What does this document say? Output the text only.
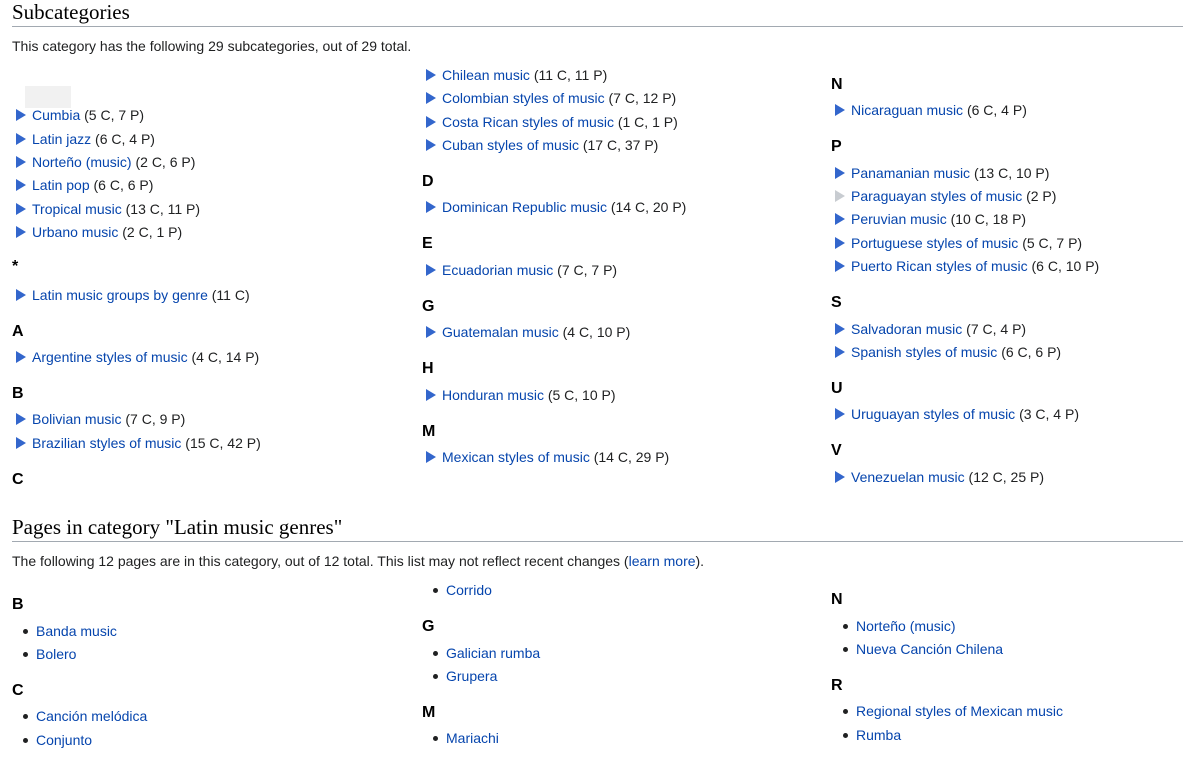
Subcategories
This category has the following 29 subcategories, out of 29 total.
Cumbia (5 C, 7 P)
Latin jazz (6 C, 4 P)
Norteño (music) (2 C, 6 P)
Latin pop (6 C, 6 P)
Tropical music (13 C, 11 P)
Urbano music (2 C, 1 P)
*
Latin music groups by genre (11 C)
A
Argentine styles of music (4 C, 14 P)
B
Bolivian music (7 C, 9 P)
Brazilian styles of music (15 C, 42 P)
C
Chilean music (11 C, 11 P)
Colombian styles of music (7 C, 12 P)
Costa Rican styles of music (1 C, 1 P)
Cuban styles of music (17 C, 37 P)
D
Dominican Republic music (14 C, 20 P)
E
Ecuadorian music (7 C, 7 P)
G
Guatemalan music (4 C, 10 P)
H
Honduran music (5 C, 10 P)
M
Mexican styles of music (14 C, 29 P)
N
Nicaraguan music (6 C, 4 P)
P
Panamanian music (13 C, 10 P)
Paraguayan styles of music (2 P)
Peruvian music (10 C, 18 P)
Portuguese styles of music (5 C, 7 P)
Puerto Rican styles of music (6 C, 10 P)
S
Salvadoran music (7 C, 4 P)
Spanish styles of music (6 C, 6 P)
U
Uruguayan styles of music (3 C, 4 P)
V
Venezuelan music (12 C, 25 P)
Pages in category "Latin music genres"
The following 12 pages are in this category, out of 12 total. This list may not reflect recent changes (learn more).
B
Banda music
Bolero
C
Canción melódica
Conjunto
Corrido
G
Galician rumba
Grupera
M
Mariachi
N
Norteño (music)
Nueva Canción Chilena
R
Regional styles of Mexican music
Rumba
